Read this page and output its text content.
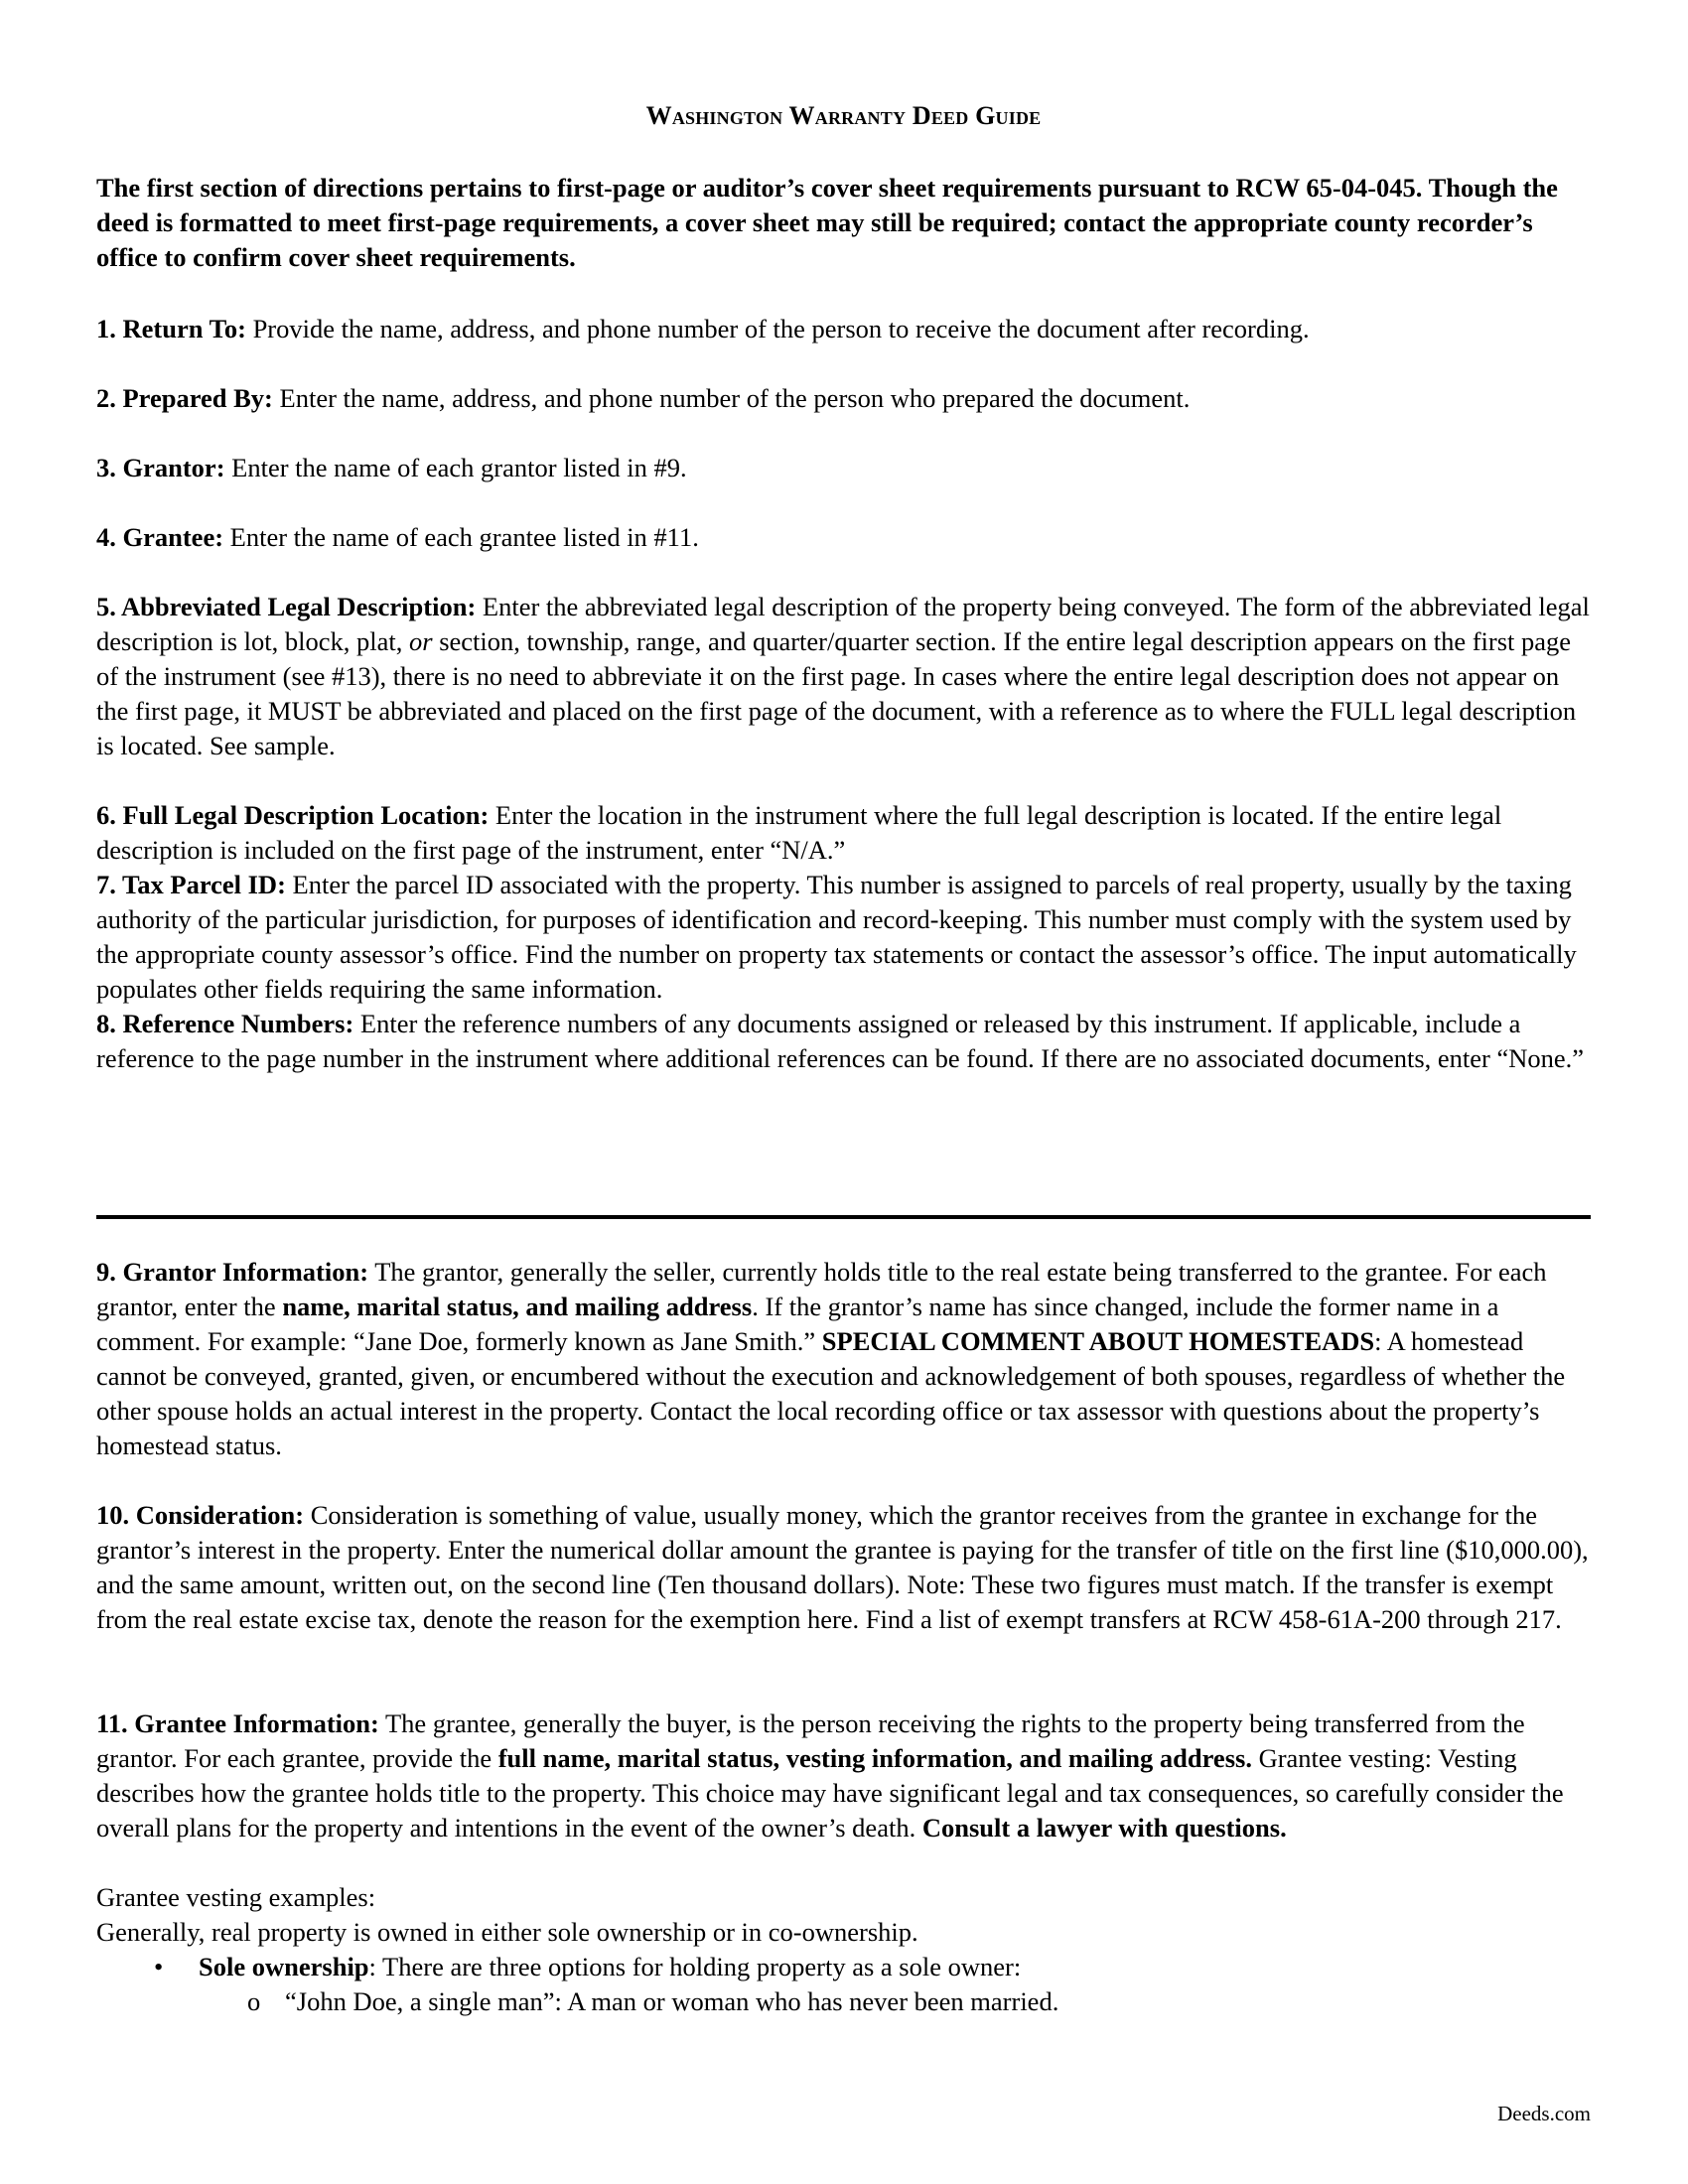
Washington Warranty Deed Guide
The first section of directions pertains to first-page or auditor’s cover sheet requirements pursuant to RCW 65-04-045. Though the deed is formatted to meet first-page requirements, a cover sheet may still be required; contact the appropriate county recorder’s office to confirm cover sheet requirements.
1. Return To: Provide the name, address, and phone number of the person to receive the document after recording.
2. Prepared By: Enter the name, address, and phone number of the person who prepared the document.
3. Grantor: Enter the name of each grantor listed in #9.
4. Grantee: Enter the name of each grantee listed in #11.
5. Abbreviated Legal Description: Enter the abbreviated legal description of the property being conveyed. The form of the abbreviated legal description is lot, block, plat, or section, township, range, and quarter/quarter section. If the entire legal description appears on the first page of the instrument (see #13), there is no need to abbreviate it on the first page. In cases where the entire legal description does not appear on the first page, it MUST be abbreviated and placed on the first page of the document, with a reference as to where the FULL legal description is located. See sample.
6. Full Legal Description Location: Enter the location in the instrument where the full legal description is located. If the entire legal description is included on the first page of the instrument, enter “N/A.”
7. Tax Parcel ID: Enter the parcel ID associated with the property. This number is assigned to parcels of real property, usually by the taxing authority of the particular jurisdiction, for purposes of identification and record-keeping. This number must comply with the system used by the appropriate county assessor’s office. Find the number on property tax statements or contact the assessor’s office. The input automatically populates other fields requiring the same information.
8. Reference Numbers: Enter the reference numbers of any documents assigned or released by this instrument. If applicable, include a reference to the page number in the instrument where additional references can be found. If there are no associated documents, enter “None.”
9. Grantor Information: The grantor, generally the seller, currently holds title to the real estate being transferred to the grantee. For each grantor, enter the name, marital status, and mailing address. If the grantor’s name has since changed, include the former name in a comment. For example: “Jane Doe, formerly known as Jane Smith.” SPECIAL COMMENT ABOUT HOMESTEADS: A homestead cannot be conveyed, granted, given, or encumbered without the execution and acknowledgement of both spouses, regardless of whether the other spouse holds an actual interest in the property. Contact the local recording office or tax assessor with questions about the property’s homestead status.
10. Consideration: Consideration is something of value, usually money, which the grantor receives from the grantee in exchange for the grantor’s interest in the property. Enter the numerical dollar amount the grantee is paying for the transfer of title on the first line ($10,000.00), and the same amount, written out, on the second line (Ten thousand dollars). Note: These two figures must match. If the transfer is exempt from the real estate excise tax, denote the reason for the exemption here. Find a list of exempt transfers at RCW 458-61A-200 through 217.
11. Grantee Information: The grantee, generally the buyer, is the person receiving the rights to the property being transferred from the grantor. For each grantee, provide the full name, marital status, vesting information, and mailing address. Grantee vesting: Vesting describes how the grantee holds title to the property. This choice may have significant legal and tax consequences, so carefully consider the overall plans for the property and intentions in the event of the owner’s death. Consult a lawyer with questions.
Grantee vesting examples:
Generally, real property is owned in either sole ownership or in co-ownership.
• Sole ownership: There are three options for holding property as a sole owner:
o “John Doe, a single man”: A man or woman who has never been married.
Deeds.com
